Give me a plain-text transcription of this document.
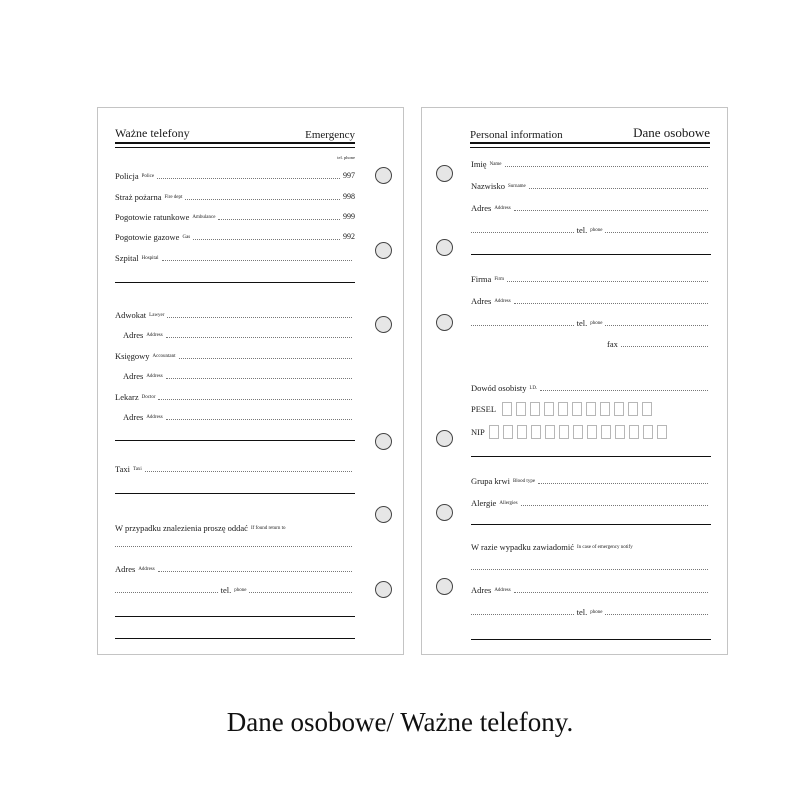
Ważne telefony	Emergency
tel. phone
Policja Police	997
Straż pożarna Fire dept	998
Pogotowie ratunkowe Ambulance	999
Pogotowie gazowe Gas	992
Szpital Hospital
Adwokat Lawyer
Adres Address
Księgowy Accountant
Adres Address
Lekarz Doctor
Adres Address
Taxi Taxi
W przypadku znalezienia proszę oddać If found return to
Adres Address
tel. phone
Personal information	Dane osobowe
Imię Name
Nazwisko Surname
Adres Address
tel. phone
Firma Firm
Adres Address
tel. phone
fax
Dowód osobisty I.D.
PESEL
NIP
Grupa krwi Blood type
Alergie Allergies
W razie wypadku zawiadomić In case of emergency notify
Adres Address
tel. phone
Dane osobowe/ Ważne telefony.
